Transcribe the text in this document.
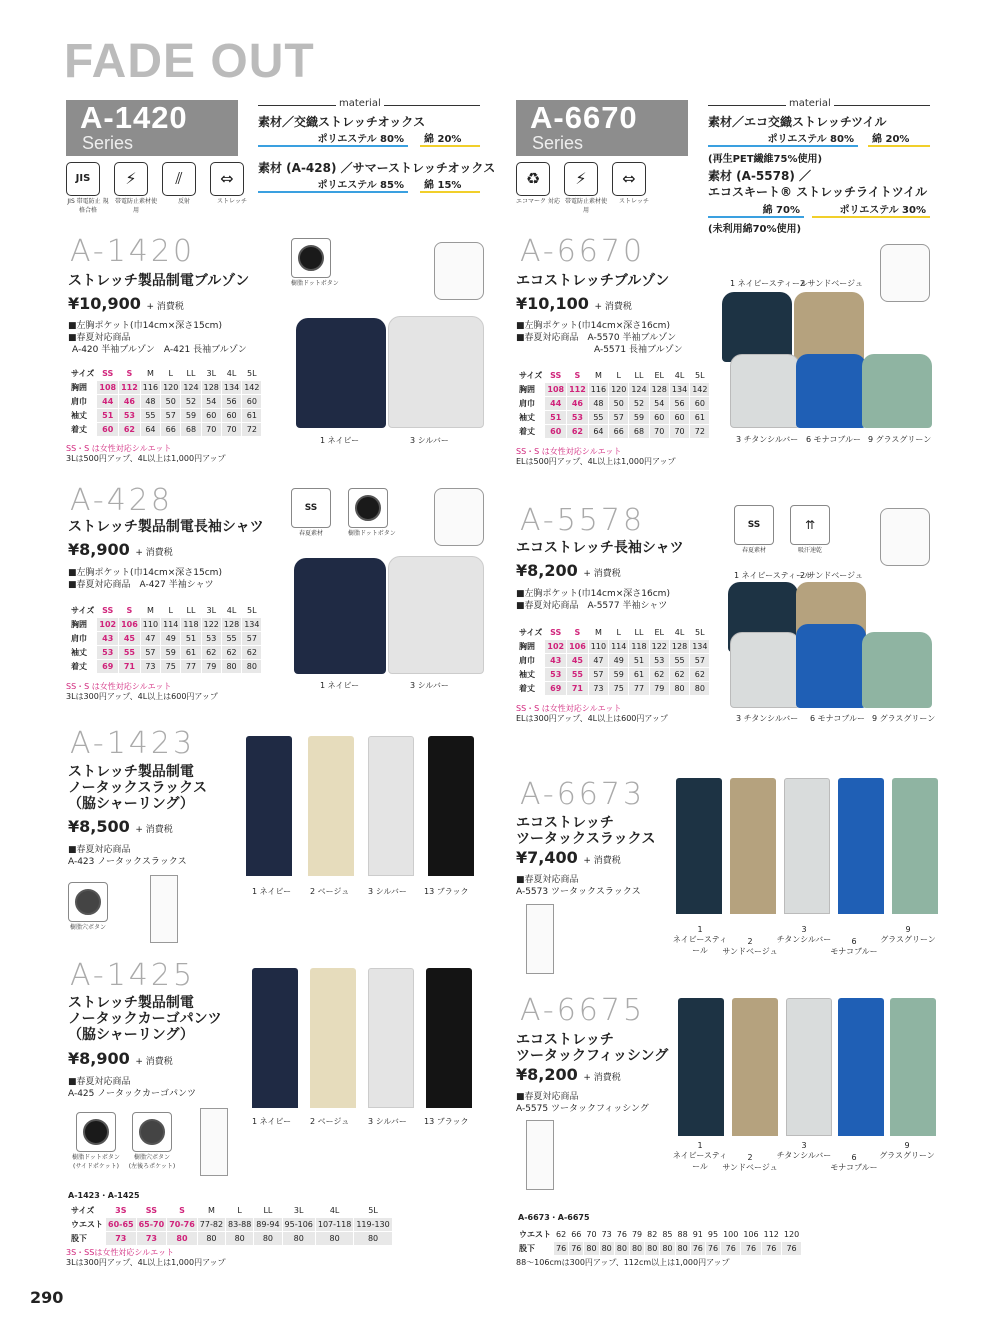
FADE OUT
A-1420
Series
JIS
JIS 帯電防止 規格合格
⚡
帯電防止素材使用
⫽
反射
⇔
ストレッチ
material
素材／交織ストレッチオックス
ポリエステル 80%	綿 20%
素材 (A-428) ／サマーストレッチオックス
ポリエステル 85%	綿 15%
A-6670
Series
♻
エコマーク 対応
⚡
帯電防止素材使用
⇔
ストレッチ
material
素材／エコ交織ストレッチツイル
ポリエステル 80%	綿 20%
(再生PET繊維75%使用)
素材 (A-5578) ／
エコスキート® ストレッチライトツイル
綿 70%	ポリエステル 30%
(未利用綿70%使用)
A-1420
ストレッチ製品制電ブルゾン
¥10,900 + 消費税
■左胸ポケット(巾14cm×深さ15cm)
■春夏対応商品
A-420 半袖ブルゾン　A-421 長袖ブルゾン
サイズ	SS	S	M	L	LL	3L	4L	5L
胸囲	108	112	116	120	124	128	134	142
肩巾	44	46	48	50	52	54	56	60
袖丈	51	53	55	57	59	60	60	61
着丈	60	62	64	66	68	70	70	72
SS・S は女性対応シルエット
3Lは500円アップ、4L以上は1,000円アップ
樹脂ドットボタン
1 ネイビー	3 シルバー
A-428
ストレッチ製品制電長袖シャツ
¥8,900 + 消費税
■左胸ポケット(巾14cm×深さ15cm)
■春夏対応商品　A-427 半袖シャツ
サイズ	SS	S	M	L	LL	3L	4L	5L
胸囲	102	106	110	114	118	122	128	134
肩巾	43	45	47	49	51	53	55	57
袖丈	53	55	57	59	61	62	62	62
着丈	69	71	73	75	77	79	80	80
SS・S は女性対応シルエット
3Lは300円アップ、4L以上は600円アップ
SS
春夏素材	樹脂ドットボタン
1 ネイビー	3 シルバー
A-1423
ストレッチ製品制電
ノータックスラックス
（脇シャーリング）
¥8,500 + 消費税
■春夏対応商品
A-423 ノータックスラックス
樹脂穴ボタン
1 ネイビー 2 ベージュ 3 シルバー 13 ブラック
A-1425
ストレッチ製品制電
ノータックカーゴパンツ
（脇シャーリング）
¥8,900 + 消費税
■春夏対応商品
A-425 ノータックカーゴパンツ
樹脂ドットボタン
(サイドポケット)
樹脂穴ボタン
(左後ろポケット)
1 ネイビー 2 ベージュ 3 シルバー 13 ブラック
A-1423・A-1425
サイズ	3S	SS	S	M	L	LL	3L	4L	5L
ウエスト	60-65	65-70	70-76	77-82	83-88	89-94	95-106	107-118	119-130
股下	73	73	80	80	80	80	80	80	80
3S・SSは女性対応シルエット
3Lは300円アップ、4L以上は1,000円アップ
A-6670
エコストレッチブルゾン
¥10,100 + 消費税
■左胸ポケット(巾14cm×深さ16cm)
■春夏対応商品　A-5570 半袖ブルゾン
A-5571 長袖ブルゾン
サイズ	SS	S	M	L	LL	EL	4L	5L
胸囲	108	112	116	120	124	128	134	142
肩巾	44	46	48	50	52	54	56	60
袖丈	51	53	55	57	59	60	60	61
着丈	60	62	64	66	68	70	70	72
SS・S は女性対応シルエット
ELは500円アップ、4L以上は1,000円アップ
1 ネイビースティール
2 サンドベージュ
3 チタンシルバー 6 モナコブルー 9 グラスグリーン
A-5578
エコストレッチ長袖シャツ
¥8,200 + 消費税
■左胸ポケット(巾14cm×深さ16cm)
■春夏対応商品　A-5577 半袖シャツ
サイズ	SS	S	M	L	LL	EL	4L	5L
胸囲	102	106	110	114	118	122	128	134
肩巾	43	45	47	49	51	53	55	57
袖丈	53	55	57	59	61	62	62	62
着丈	69	71	73	75	77	79	80	80
SS・S は女性対応シルエット
ELは300円アップ、4L以上は600円アップ
SS
春夏素材
⇈
吸汗速乾
1 ネイビースティール
2 サンドベージュ
3 チタンシルバー 6 モナコブルー 9 グラスグリーン
A-6673
エコストレッチ
ツータックスラックス
¥7,400 + 消費税
■春夏対応商品
A-5573 ツータックスラックス
1
ネイビースティール
2
サンドベージュ
3
チタンシルバー	6
モナコブルー
9
グラスグリーン
A-6675
エコストレッチ
ツータックフィッシング
¥8,200 + 消費税
■春夏対応商品
A-5575 ツータックフィッシング
1
ネイビースティール
2
サンドベージュ
3
チタンシルバー	6
モナコブルー
9
グラスグリーン
A-6673・A-6675
ウエスト	62	66	70	73	76	79	82	85	88	91	95	100	106	112	120
股下	76	76	80	80	80	80	80	80	80	76	76	76	76	76	76
88～106cmは300円アップ、112cm以上は1,000円アップ
290
